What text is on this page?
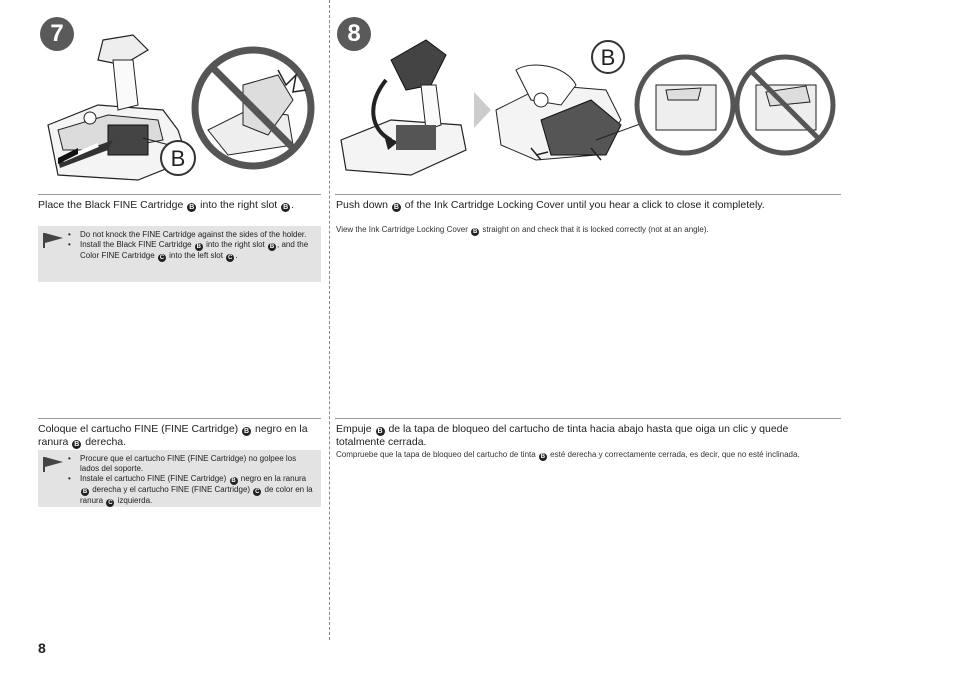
7	8
B
B
Place the Black FINE Cartridge B into the right slot B .
• Do not knock the FINE Cartridge against the sides of the holder.
• Install the Black FINE Cartridge B into the right slot B , and the Color FINE Cartridge C into the left slot C .
Push down B of the Ink Cartridge Locking Cover until you hear a click to close it completely.
View the Ink Cartridge Locking Cover B straight on and check that it is locked correctly (not at an angle).
Coloque el cartucho FINE (FINE Cartridge) B negro en la ranura B derecha.
• Procure que el cartucho FINE (FINE Cartridge) no golpee los lados del soporte.
• Instale el cartucho FINE (FINE Cartridge) B negro en la ranura B derecha y el cartucho FINE (FINE Cartridge) C de color en la ranura C izquierda.
Empuje B de la tapa de bloqueo del cartucho de tinta hacia abajo hasta que oiga un clic y quede totalmente cerrada.
Compruebe que la tapa de bloqueo del cartucho de tinta B esté derecha y correctamente cerrada, es decir, que no esté inclinada.
8
